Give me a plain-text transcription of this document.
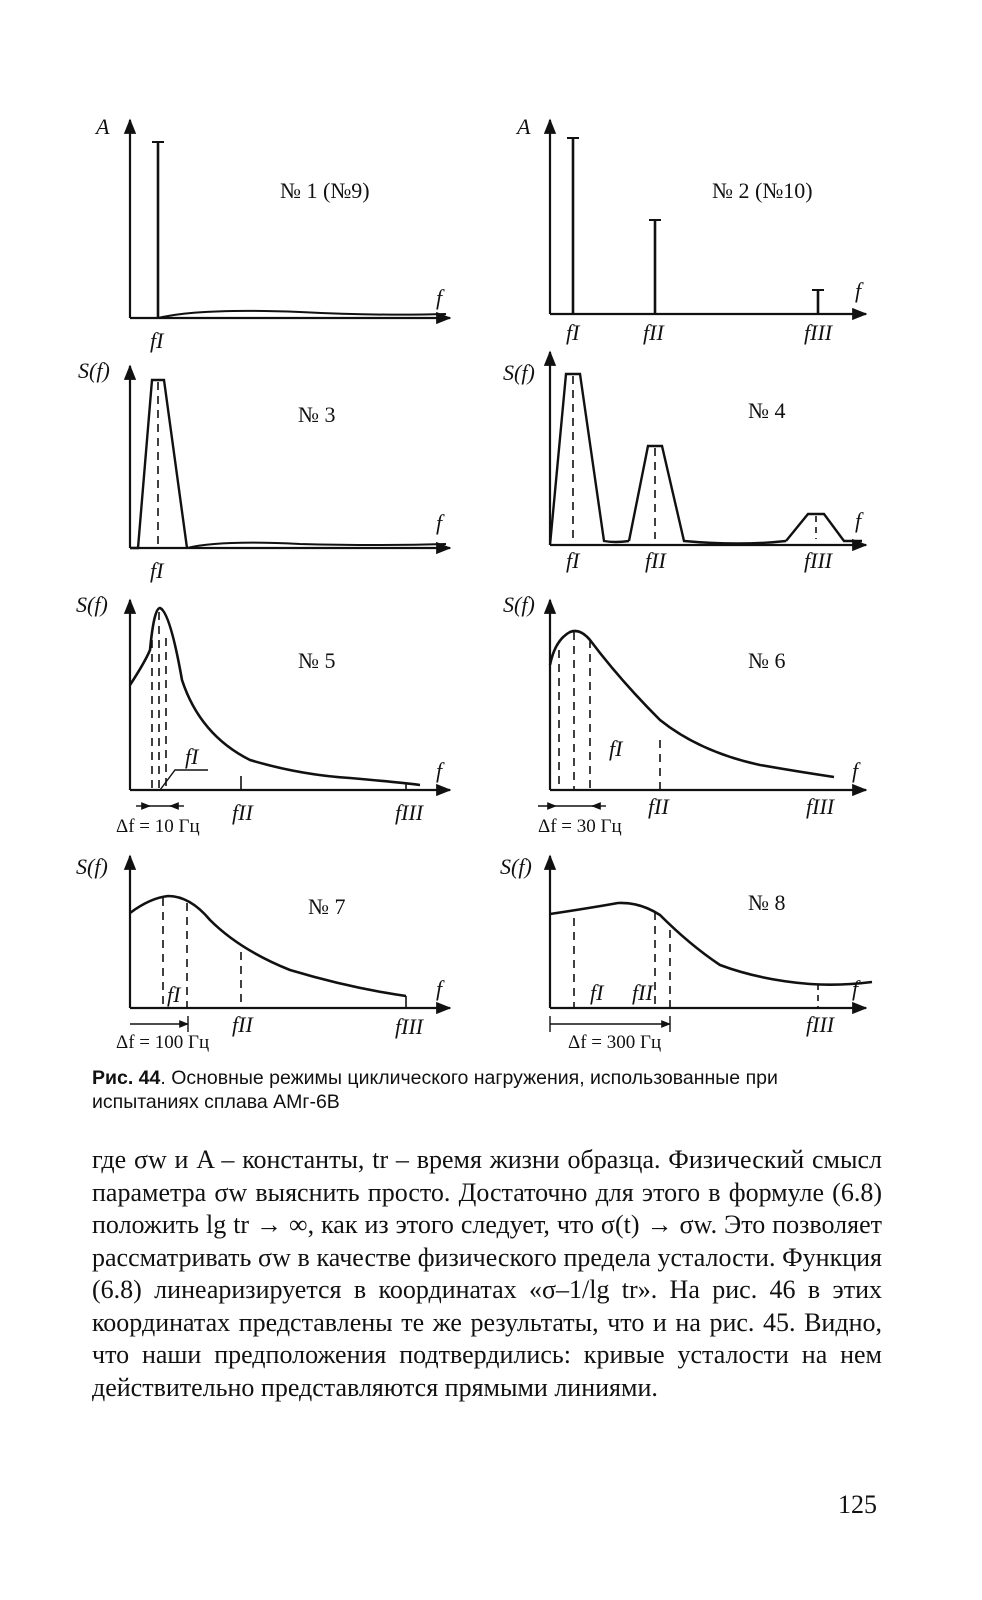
A
№ 1 (№9)
f
fI
A
№ 2 (№10)
f
fI	fII	fIII
S(f)
№ 3
f
fI
S(f)
№ 4
f
fI	fII	fIII
S(f)
№ 5
f
fI
fII	fIII
Δf = 10 Гц
S(f)
№ 6
f
fI
fII	fIII
Δf = 30 Гц
S(f)
№ 7
f
fI
fII	fIII
Δf = 100 Гц
S(f)
№ 8
f
fI fII
fIII
Δf = 300 Гц
Рис. 44. Основные режимы циклического нагружения, использованные при испытаниях сплава АМг-6В

где σw и A – константы, tr – время жизни образца. Физический смысл параметра σw выяснить просто. Достаточно для этого в формуле (6.8) положить lg tr → ∞, как из этого следует, что σ(t) → σw. Это позволяет рассматривать σw в качестве физического предела усталости. Функция (6.8) линеаризируется в координатах «σ–1/lg tr». На рис. 46 в этих координатах представлены те же результаты, что и на рис. 45. Видно, что наши предположения подтвердились: кривые усталости на нем действительно представляются прямыми линиями.

125
